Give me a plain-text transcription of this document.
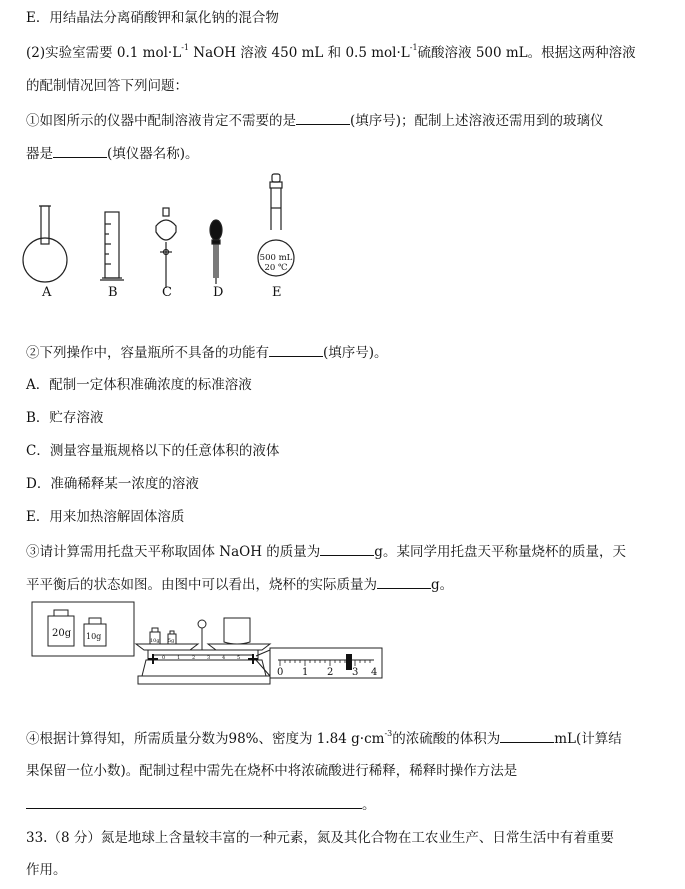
E．用结晶法分离硝酸钾和氯化钠的混合物
(2)实验室需要 0.1 $mol\cdot L^{-1}$ NaOH 溶液 450 mL 和 0.5 $mol\cdot L^{-1}$硫酸溶液 500 mL。根据这两种溶液
的配制情况回答下列问题：
①如图所示的仪器中配制溶液肯定不需要的是	(填序号)；配制上述溶液还需用到的玻璃仪
器是	(填仪器名称)。
500 mL
20 ℃
A	B	C	D	E
②下列操作中，容量瓶所不具备的功能有	(填序号)。
A．配制一定体积准确浓度的标准溶液
B．贮存溶液
C．测量容量瓶规格以下的任意体积的液体
D．准确稀释某一浓度的溶液
E．用来加热溶解固体溶质
③请计算需用托盘天平称取固体 NaOH 的质量为	g。某同学用托盘天平称量烧杯的质量，天
平平衡后的状态如图。由图中可以看出，烧杯的实际质量为	g。
20g 10g	10g 5g
0 1 2 3 4
0 1 2 3 4 5
④根据计算得知，所需质量分数为98%、密度为 1.84 $g\cdot cm^{-3}$的浓硫酸的体积为	mL(计算结
果保留一位小数)。配制过程中需先在烧杯中将浓硫酸进行稀释，稀释时操作方法是
。
33.（8 分）氮是地球上含量较丰富的一种元素，氮及其化合物在工农业生产、日常生活中有着重要
作用。
